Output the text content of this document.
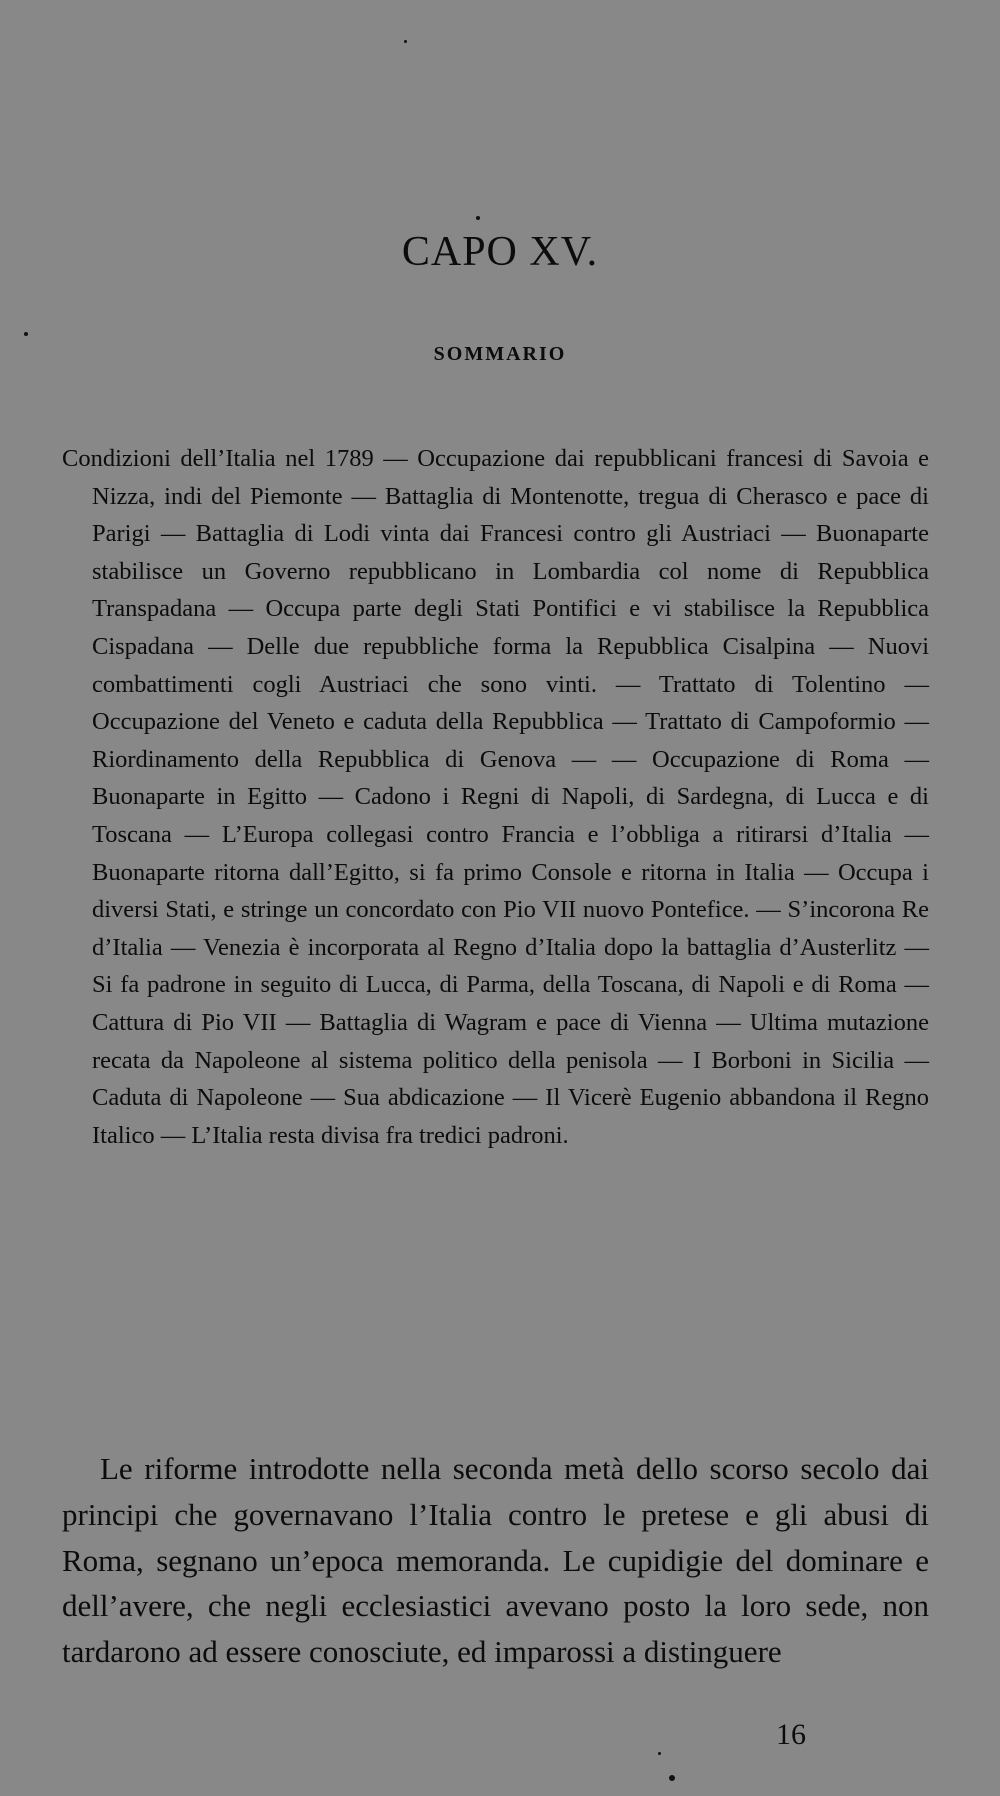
CAPO XV.
SOMMARIO

Condizioni dell’Italia nel 1789 — Occupazione dai repubblicani francesi di Savoia e Nizza, indi del Piemonte — Battaglia di Montenotte, tregua di Cherasco e pace di Parigi — Battaglia di Lodi vinta dai Francesi contro gli Austriaci — Buonaparte stabilisce un Governo repubblicano in Lombardia col nome di Repubblica Transpadana — Occupa parte degli Stati Pontifici e vi stabilisce la Repubblica Cispadana — Delle due repubbliche forma la Repubblica Cisalpina — Nuovi combattimenti cogli Austriaci che sono vinti. — Trattato di Tolentino — Occupazione del Veneto e caduta della Repubblica — Trattato di Campoformio — Riordinamento della Repubblica di Genova — — Occupazione di Roma — Buonaparte in Egitto — Cadono i Regni di Napoli, di Sardegna, di Lucca e di Toscana — L’Europa collegasi contro Francia e l’obbliga a ritirarsi d’Italia — Buonaparte ritorna dall’Egitto, si fa primo Console e ritorna in Italia — Occupa i diversi Stati, e stringe un concordato con Pio VII nuovo Pontefice. — S’incorona Re d’Italia — Venezia è incorporata al Regno d’Italia dopo la battaglia d’Austerlitz — Si fa padrone in seguito di Lucca, di Parma, della Toscana, di Napoli e di Roma — Cattura di Pio VII — Battaglia di Wagram e pace di Vienna — Ultima mutazione recata da Napoleone al sistema politico della penisola — I Borboni in Sicilia — Caduta di Napoleone — Sua abdicazione — Il Vicerè Eugenio abbandona il Regno Italico — L’Italia resta divisa fra tredici padroni.

Le riforme introdotte nella seconda metà dello scorso secolo dai principi che governavano l’Italia contro le pretese e gli abusi di Roma, segnano un’epoca memoranda. Le cupidigie del dominare e dell’avere, che negli ecclesiastici avevano posto la loro sede, non tardarono ad essere conosciute, ed imparossi a distinguere

16
